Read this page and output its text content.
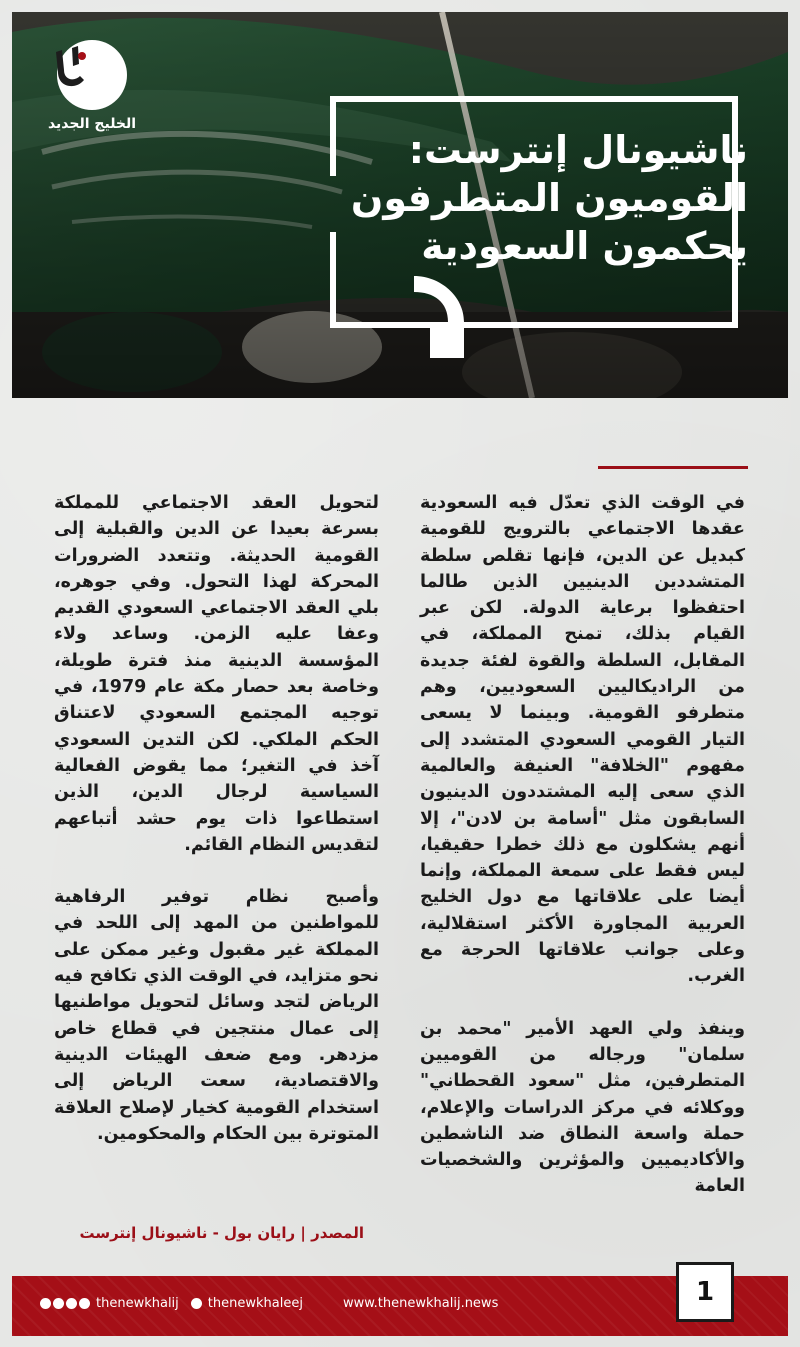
الخليج الجديد
ناشيونال إنترست:
القوميون المتطرفون
يحكمون السعودية

في الوقت الذي تعدّل فيه السعودية عقدها الاجتماعي بالترويج للقومية كبديل عن الدين، فإنها تقلص سلطة المتشددين الدينيين الذين طالما احتفظوا برعاية الدولة. لكن عبر القيام بذلك، تمنح المملكة، في المقابل، السلطة والقوة لفئة جديدة من الراديكاليين السعوديين، وهم متطرفو القومية. وبينما لا يسعى التيار القومي السعودي المتشدد إلى مفهوم "الخلافة" العنيفة والعالمية الذي سعى إليه المشتددون الدينيون السابقون مثل "أسامة بن لادن"، إلا أنهم يشكلون مع ذلك خطرا حقيقيا، ليس فقط على سمعة المملكة، وإنما أيضا على علاقاتها مع دول الخليج العربية المجاورة الأكثر استقلالية، وعلى جوانب علاقاتها الحرجة مع الغرب.

وينفذ ولي العهد الأمير "محمد بن سلمان" ورجاله من القوميين المتطرفين، مثل "سعود القحطاني" ووكلائه في مركز الدراسات والإعلام، حملة واسعة النطاق ضد الناشطين والأكاديميين والمؤثرين والشخصيات العامة

لتحويل العقد الاجتماعي للمملكة بسرعة بعيدا عن الدين والقبلية إلى القومية الحديثة. وتتعدد الضرورات المحركة لهذا التحول. وفي جوهره، بلي العقد الاجتماعي السعودي القديم وعفا عليه الزمن. وساعد ولاء المؤسسة الدينية منذ فترة طويلة، وخاصة بعد حصار مكة عام 1979، في توجيه المجتمع السعودي لاعتناق الحكم الملكي. لكن التدين السعودي آخذ في التغير؛ مما يقوض الفعالية السياسية لرجال الدين، الذين استطاعوا ذات يوم حشد أتباعهم لتقديس النظام القائم.

وأصبح نظام توفير الرفاهية للمواطنين من المهد إلى اللحد في المملكة غير مقبول وغير ممكن على نحو متزايد، في الوقت الذي تكافح فيه الرياض لتجد وسائل لتحويل مواطنيها إلى عمال منتجين في قطاع خاص مزدهر. ومع ضعف الهيئات الدينية والاقتصادية، سعت الرياض إلى استخدام القومية كخيار لإصلاح العلاقة المتوترة بين الحكام والمحكومين.

المصدر | رايان بول - ناشيونال إنترست
1
thenewkhalij thenewkhaleej	www.thenewkhalij.news
